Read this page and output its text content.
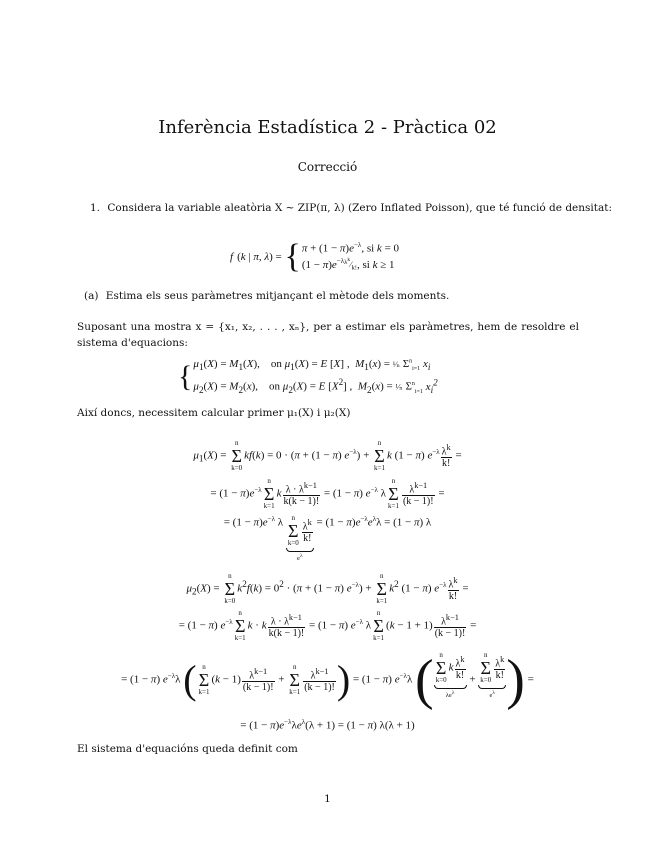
Inferència Estadística 2 - Pràctica 02
Correcció
1. Considera la variable aleatòria X ∼ ZIP(π, λ) (Zero Inflated Poisson), que té funció de densitat:
f ( k | π, λ ) = { $\pi + (1 - \pi)e^{-\lambda}$, si k = 0
$(1 - \pi)e^{-\lambda\lambda^k}⁄_{k!}$, si k ≥ 1
(a) Estima els seus paràmetres mitjançant el mètode dels moments.
Suposant una mostra x = {x₁, x₂, . . . , xₙ}, per a estimar els paràmetres, hem de resoldre el sistema d'equacions:
{ $\mu_1(X) = M_1(X)$,    on $\mu_1(X) = E$ [X] ,  $M_1(x)$ = ¹⁄ₙ $\Sigma^n_{i=1}$ $x_i$
$\mu_2(X) = M_2(x)$,    on $\mu_2(X) = E$ $[X^2]$ ,  $M_2(x)$ = ¹⁄ₙ $\Sigma^n_{i=1}$ $x_i^2$
Així doncs, necessitem calcular primer μ₁(X) i μ₂(X)
$\mu_1(X)$ =
n
Σ
k=0
kf(k) = 0 · (π + (1 − π) $e^{-\lambda}$) +
n
Σ
k=1
k (1 − π) $e^{-\lambda} \frac{\lambda^k}{k!}$ =
= $(1 - \pi)e^{-\lambda}$
n
Σ
k=1
k $\frac{\lambda \cdot \lambda^{k-1}}{k(k - 1)!} = (1 - \pi)$ $e^{-\lambda}$ λ
n
Σ
$k=1 \frac{\lambda^{k-1}}{(k - 1)!}$ =
= $(1 - \pi)e^{-\lambda}$ λ n
Σ
$k=0 \frac{\lambda^k}{k!}$
$e^\lambda$
= $(1 - \pi)e^{-\lambda}e^\lambda\lambda = (1 - \pi)$ λ
$\mu_2(X)$ =
n
Σ
k=0
$k^2f(k) = 0^2 \cdot (\pi + (1 - \pi) e^{-\lambda})$ +
n
Σ
k=1
$k^2$ (1 − π) $e^{-\lambda} \frac{\lambda^k}{k!}$ =
= (1 − π) $e^{-\lambda}$
n
Σ
k=1
k · k $\frac{\lambda \cdot \lambda^{k-1}}{k(k - 1)!} = (1 - \pi)$ $e^{-\lambda}$ λ
n
Σ
k=1
$(k - 1 + 1) \frac{\lambda^{k-1}}{(k - 1)!}$ =
= (1 − π) $e^{-\lambda}\lambda$ ( n
Σ
k=1
$(k - 1) \frac{\lambda^{k-1}}{(k - 1)!}$ +
n
Σ
$k=1 \frac{\lambda^{k-1}}{(k - 1)!}$ ) = (1 − π) $e^{-\lambda}\lambda$ ( n
Σ
k=0
k $\frac{\lambda^k}{k!}$
$\lambda e^\lambda$
+
n
Σ
$k=0 \frac{\lambda^k}{k!}$
$e^\lambda$ ) =
= $(1 - \pi)e^{-\lambda}\lambda e^\lambda(\lambda + 1) = (1 - \pi)$ λ(λ + 1)
El sistema d'equacións queda definit com
1
